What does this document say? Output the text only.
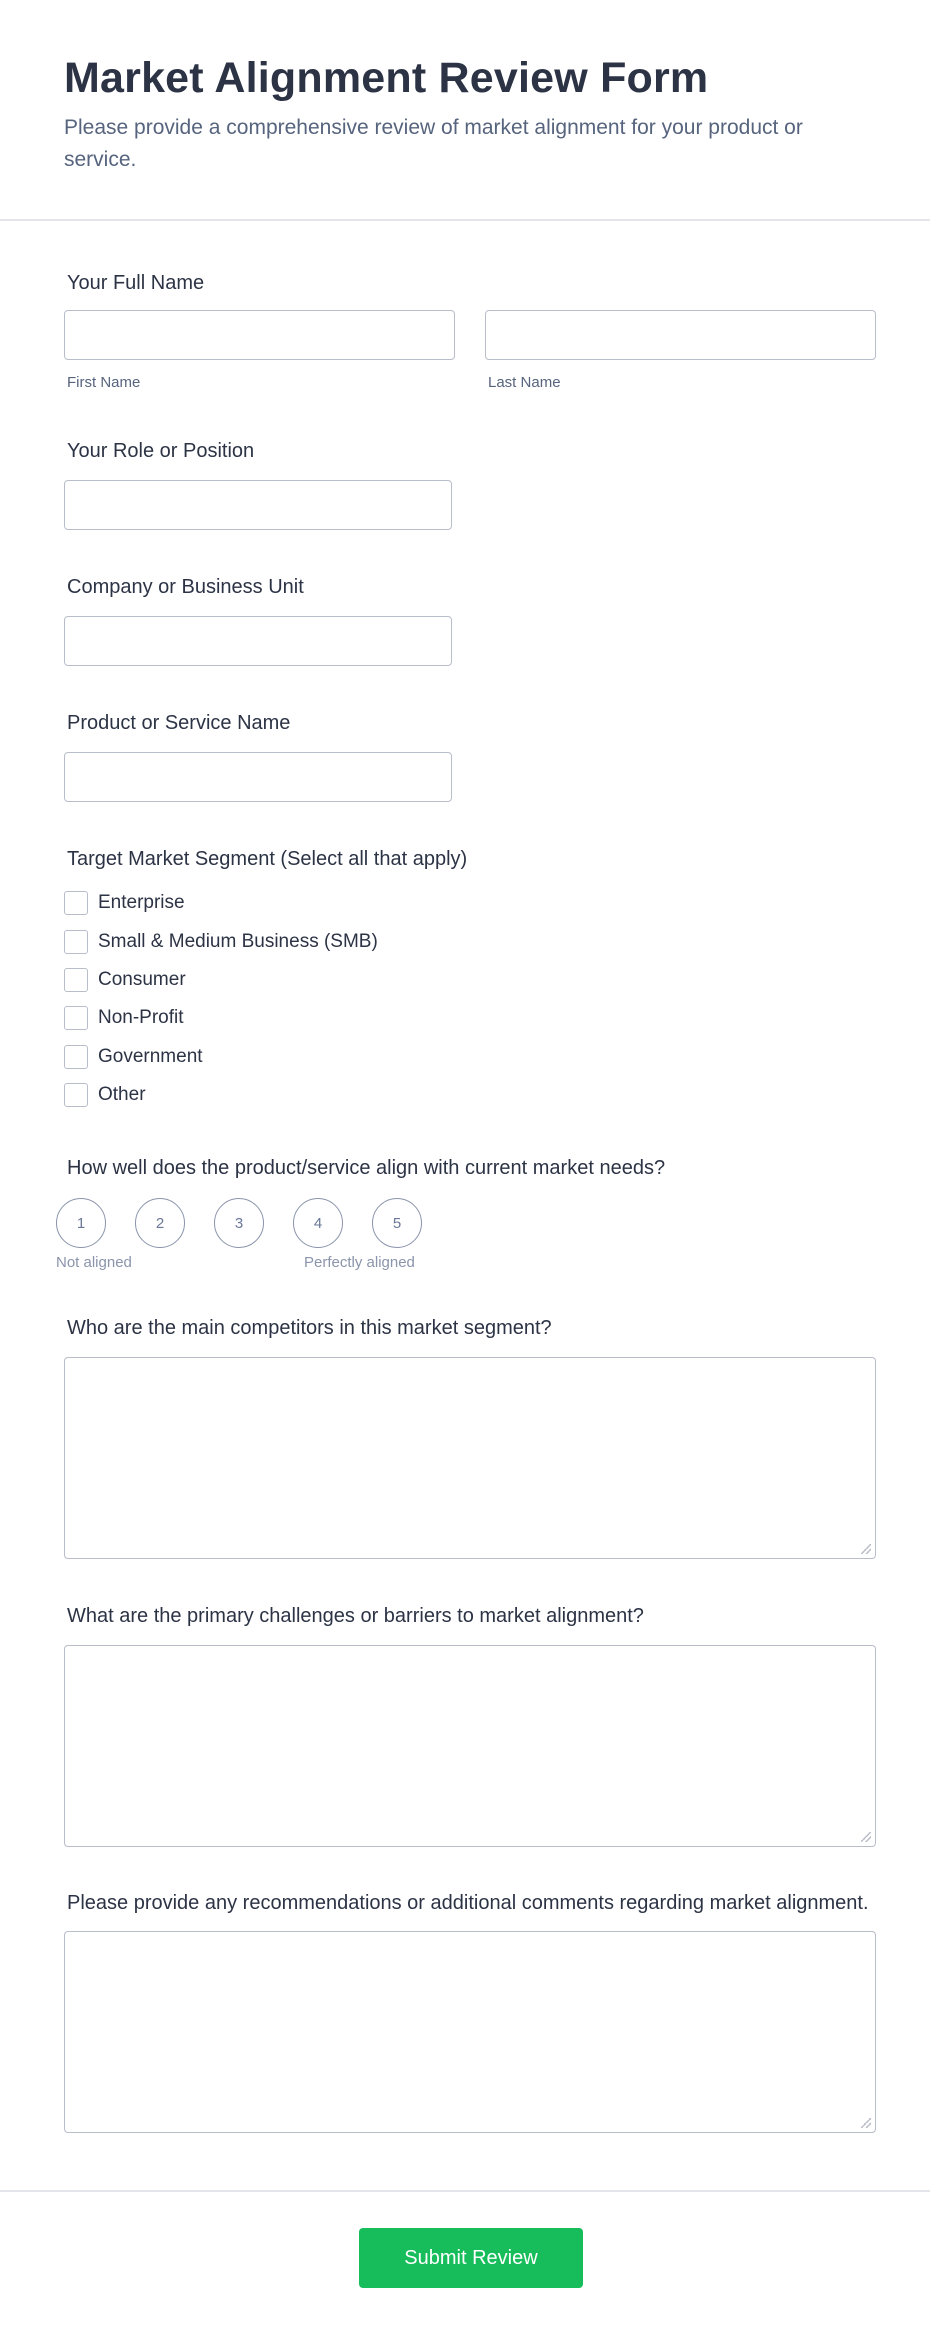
Market Alignment Review Form

Please provide a comprehensive review of market alignment for your product or service.

Your Full Name
First Name	Last Name
Your Role or Position
Company or Business Unit
Product or Service Name
Target Market Segment (Select all that apply)
Enterprise
Small & Medium Business (SMB)
Consumer
Non-Profit
Government
Other
How well does the product/service align with current market needs?
1	2	3	4	5
Not aligned	Perfectly aligned
Who are the main competitors in this market segment?
What are the primary challenges or barriers to market alignment?
Please provide any recommendations or additional comments regarding market alignment.
Submit Review
